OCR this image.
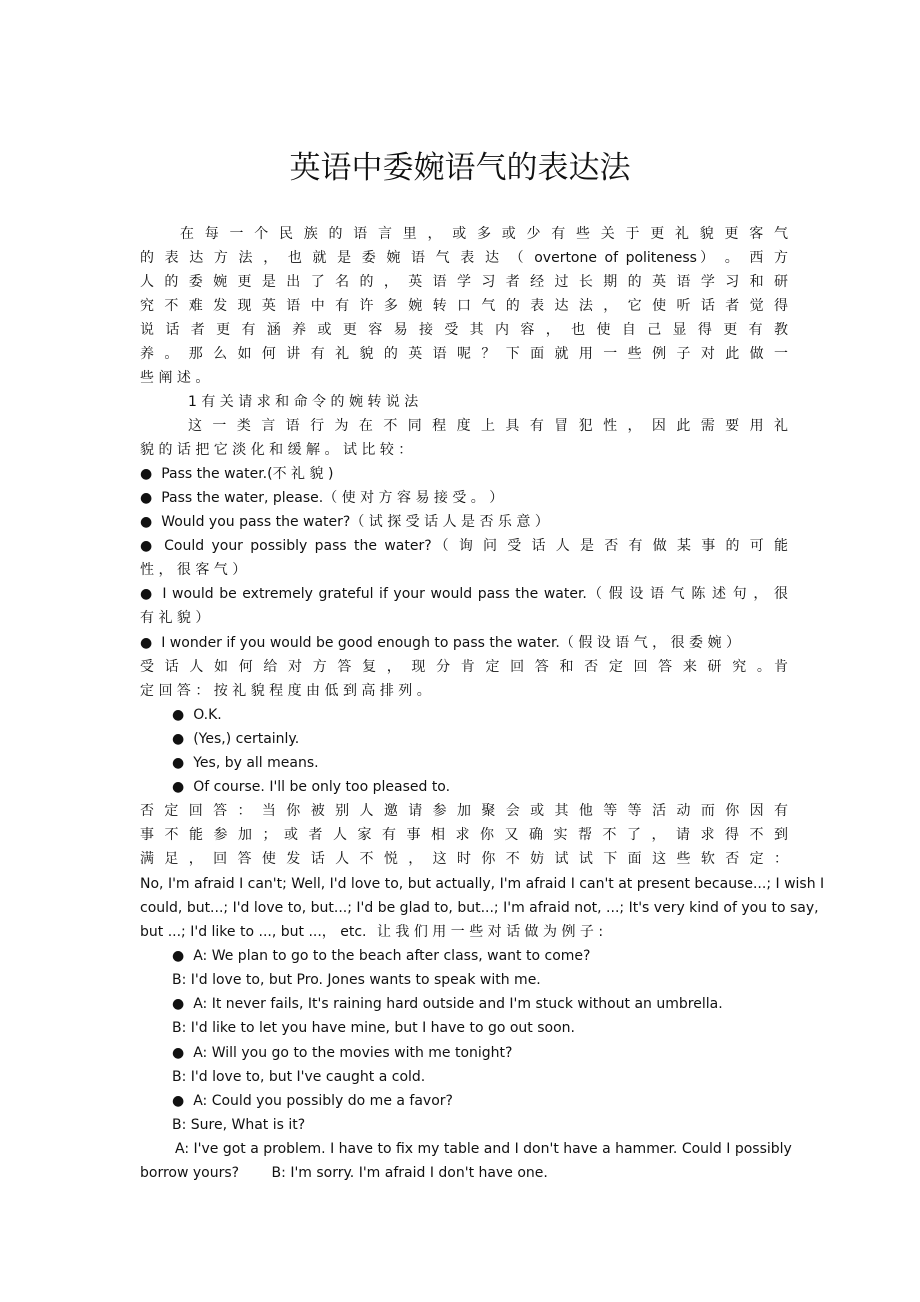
英语中委婉语气的表达法
在 每 一 个 民 族 的 语 言 里 ， 或 多 或 少 有 些 关 于 更 礼 貌 更 客 气
的 表 达 方 法 ， 也 就 是 委 婉 语 气 表 达 （ overtone of politeness） 。 西 方
人 的 委 婉 更 是 出 了 名 的 ， 英 语 学 习 者 经 过 长 期 的 英 语 学 习 和 研
究 不 难 发 现 英 语 中 有 许 多 婉 转 口 气 的 表 达 法 ， 它 使 听 话 者 觉 得
说 话 者 更 有 涵 养 或 更 容 易 接 受 其 内 容 ， 也 使 自 己 显 得 更 有 教
养 。 那 么 如 何 讲 有 礼 貌 的 英 语 呢 ？ 下 面 就 用 一 些 例 子 对 此 做 一
些 阐 述 。
1 有 关 请 求 和 命 令 的 婉 转 说 法
这 一 类 言 语 行 为 在 不 同 程 度 上 具 有 冒 犯 性 ， 因 此 需 要 用 礼
貌 的 话 把 它 淡 化 和 缓 解 。 试 比 较 ：
● Pass the water.(不 礼 貌 )
● Pass the water, please.（ 使 对 方 容 易 接 受 。 ）
● Would you pass the water?（ 试 探 受 话 人 是 否 乐 意 ）
● Could your possibly pass the water?（ 询 问 受 话 人 是 否 有 做 某 事 的 可 能
性 ， 很 客 气 ）
● I would be extremely grateful if your would pass the water.（ 假 设 语 气 陈 述 句 ， 很
有 礼 貌 ）
● I wonder if you would be good enough to pass the water.（ 假 设 语 气 ， 很 委 婉 ）
受 话 人 如 何 给 对 方 答 复 ， 现 分 肯 定 回 答 和 否 定 回 答 来 研 究 。肯
定 回 答 ： 按 礼 貌 程 度 由 低 到 高 排 列 。
● O.K.
● (Yes,) certainly.
● Yes, by all means.
● Of course. I'll be only too pleased to.
否 定 回 答 ： 当 你 被 别 人 邀 请 参 加 聚 会 或 其 他 等 等 活 动 而 你 因 有
事 不 能 参 加 ； 或 者 人 家 有 事 相 求 你 又 确 实 帮 不 了 ， 请 求 得 不 到
满 足 ， 回 答 使 发 话 人 不 悦 ， 这 时 你 不 妨 试 试 下 面 这 些 软 否 定 ：
No, I'm afraid I can't; Well, I'd love to, but actually, I'm afraid I can't at present because...; I wish I
could, but...; I'd love to, but...; I'd be glad to, but...; I'm afraid not, ...; It's very kind of you to say,
but ...; I'd like to ..., but ...， etc. 让 我 们 用 一 些 对 话 做 为 例 子 :
● A: We plan to go to the beach after class, want to come?
B: I'd love to, but Pro. Jones wants to speak with me.
● A: It never fails, It's raining hard outside and I'm stuck without an umbrella.
B: I'd like to let you have mine, but I have to go out soon.
● A: Will you go to the movies with me tonight?
B: I'd love to, but I've caught a cold.
● A: Could you possibly do me a favor?
B: Sure, What is it?
A: I've got a problem. I have to fix my table and I don't have a hammer. Could I possibly
borrow yours? B: I'm sorry. I'm afraid I don't have one.
